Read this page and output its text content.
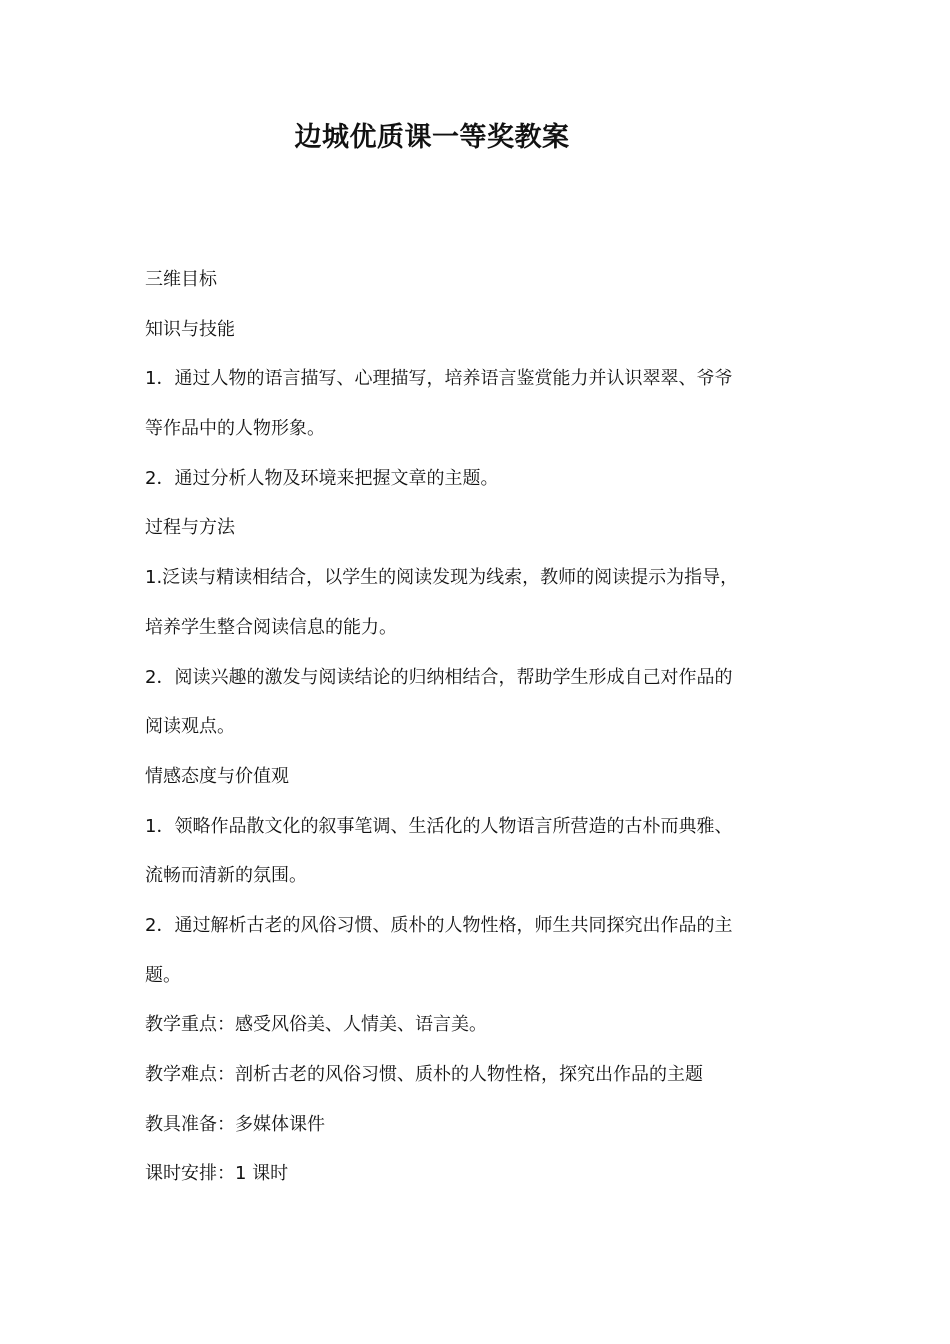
边城优质课一等奖教案
三维目标
知识与技能
1．通过人物的语言描写、心理描写，培养语言鉴赏能力并认识翠翠、爷爷
等作品中的人物形象。
2．通过分析人物及环境来把握文章的主题。
过程与方法
1.泛读与精读相结合，以学生的阅读发现为线索，教师的阅读提示为指导，
培养学生整合阅读信息的能力。
2．阅读兴趣的激发与阅读结论的归纳相结合，帮助学生形成自己对作品的
阅读观点。
情感态度与价值观
1．领略作品散文化的叙事笔调、生活化的人物语言所营造的古朴而典雅、
流畅而清新的氛围。
2．通过解析古老的风俗习惯、质朴的人物性格，师生共同探究出作品的主
题。
教学重点：感受风俗美、人情美、语言美。
教学难点：剖析古老的风俗习惯、质朴的人物性格，探究出作品的主题
教具准备：多媒体课件
课时安排：1 课时
